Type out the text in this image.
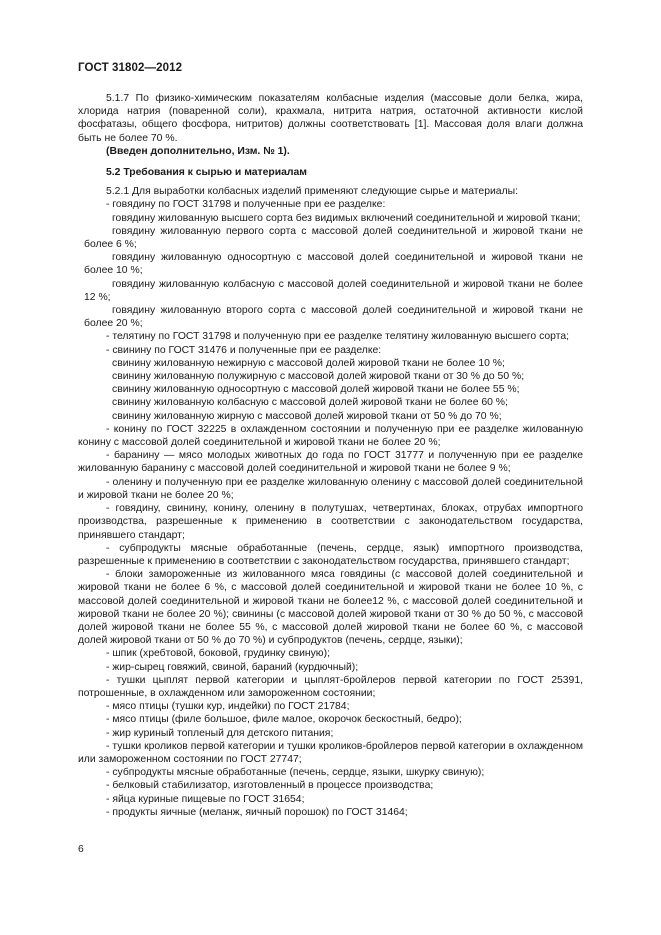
ГОСТ 31802—2012

5.1.7 По физико-химическим показателям колбасные изделия (массовые доли белка, жира, хлорида натрия (поваренной соли), крахмала, нитрита натрия, остаточной активности кислой фосфатазы, общего фосфора, нитритов) должны соответствовать [1]. Массовая доля влаги должна быть не более 70 %.

(Введен дополнительно, Изм. № 1).

5.2 Требования к сырью и материалам

5.2.1 Для выработки колбасных изделий применяют следующие сырье и материалы:

- говядину по ГОСТ 31798 и полученные при ее разделке:

говядину жилованную высшего сорта без видимых включений соединительной и жировой ткани;

говядину жилованную первого сорта с массовой долей соединительной и жировой ткани не более 6 %;

говядину жилованную односортную с массовой долей соединительной и жировой ткани не более 10 %;

говядину жилованную колбасную с массовой долей соединительной и жировой ткани не более 12 %;

говядину жилованную второго сорта с массовой долей соединительной и жировой ткани не более 20 %;

- телятину по ГОСТ 31798 и полученную при ее разделке телятину жилованную высшего сорта;

- свинину по ГОСТ 31476 и полученные при ее разделке:

свинину жилованную нежирную с массовой долей жировой ткани не более 10 %;

свинину жилованную полужирную с массовой долей жировой ткани от 30 % до 50 %;

свинину жилованную односортную с массовой долей жировой ткани не более 55 %;

свинину жилованную колбасную с массовой долей жировой ткани не более 60 %;

свинину жилованную жирную с массовой долей жировой ткани от 50 % до 70 %;

- конину по ГОСТ 32225 в охлажденном состоянии и полученную при ее разделке жилованную конину с массовой долей соединительной и жировой ткани не более 20 %;

- баранину — мясо молодых животных до года по ГОСТ 31777 и полученную при ее разделке жилованную баранину с массовой долей соединительной и жировой ткани не более 9 %;

- оленину и полученную при ее разделке жилованную оленину с массовой долей соединительной и жировой ткани не более 20 %;

- говядину, свинину, конину, оленину в полутушах, четвертинах, блоках, отрубах импортного производства, разрешенные к применению в соответствии с законодательством государства, принявшего стандарт;

- субпродукты мясные обработанные (печень, сердце, язык) импортного производства, разрешенные к применению в соответствии с законодательством государства, принявшего стандарт;

- блоки замороженные из жилованного мяса говядины (с массовой долей соединительной и жировой ткани не более 6 %, с массовой долей соединительной и жировой ткани не более 10 %, с массовой долей соединительной и жировой ткани не более12 %, с массовой долей соединительной и жировой ткани не более 20 %); свинины (с массовой долей жировой ткани от 30 % до 50 %, с массовой долей жировой ткани не более 55 %, с массовой долей жировой ткани не более 60 %, с массовой долей жировой ткани от 50 % до 70 %) и субпродуктов (печень, сердце, языки);

- шпик (хребтовой, боковой, грудинку свиную);

- жир-сырец говяжий, свиной, бараний (курдючный);

- тушки цыплят первой категории и цыплят-бройлеров первой категории по ГОСТ 25391, потрошенные, в охлажденном или замороженном состоянии;

- мясо птицы (тушки кур, индейки) по ГОСТ 21784;

- мясо птицы (филе большое, филе малое, окорочок бескостный, бедро);

- жир куриный топленый для детского питания;

- тушки кроликов первой категории и тушки кроликов-бройлеров первой категории в охлажденном или замороженном состоянии по ГОСТ 27747;

- субпродукты мясные обработанные (печень, сердце, языки, шкурку свиную);

- белковый стабилизатор, изготовленный в процессе производства;

- яйца куриные пищевые по ГОСТ 31654;

- продукты яичные (меланж, яичный порошок) по ГОСТ 31464;

6
